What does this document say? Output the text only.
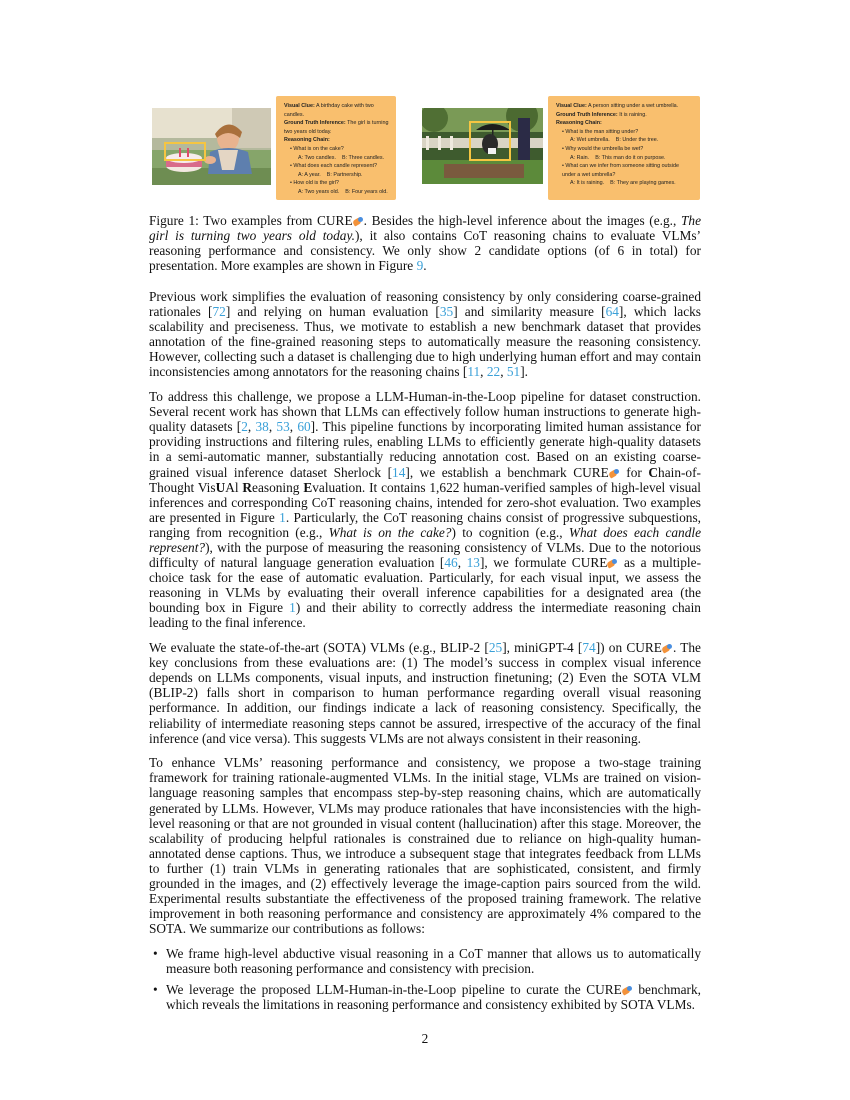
Visual Clue: A birthday cake with two candles.
Ground Truth Inference: The girl is turning two years old today.
Reasoning Chain:
• What is on the cake?
A: Two candles. B: Three candles.
• What does each candle represent?
A: A year. B: Partnership.
• How old is the girl?
A: Two years old. B: Four years old.
Visual Clue: A person sitting under a wet umbrella.
Ground Truth Inference: It is raining.
Reasoning Chain:
• What is the man sitting under?
A: Wet umbrella. B: Under the tree.
• Why would the umbrella be wet?
A: Rain. B: This man do it on purpose.
• What can we infer from someone sitting outside under a wet umbrella?
A: It is raining. B: They are playing games.

Figure 1: Two examples from CURE . Besides the high-level inference about the images (e.g., The girl is turning two years old today.), it also contains CoT reasoning chains to evaluate VLMs’ reasoning performance and consistency. We only show 2 candidate options (of 6 in total) for presentation. More examples are shown in Figure 9.

Previous work simplifies the evaluation of reasoning consistency by only considering coarse-grained rationales [72] and relying on human evaluation [35] and similarity measure [64], which lacks scalability and preciseness. Thus, we motivate to establish a new benchmark dataset that provides annotation of the fine-grained reasoning steps to automatically measure the reasoning consistency. However, collecting such a dataset is challenging due to high underlying human effort and may contain inconsistencies among annotators for the reasoning chains [11, 22, 51].

To address this challenge, we propose a LLM-Human-in-the-Loop pipeline for dataset construction. Several recent work has shown that LLMs can effectively follow human instructions to generate high-quality datasets [2, 38, 53, 60]. This pipeline functions by incorporating limited human assistance for providing instructions and filtering rules, enabling LLMs to efficiently generate high-quality datasets in a semi-automatic manner, substantially reducing annotation cost. Based on an existing coarse-grained visual inference dataset Sherlock [14], we establish a benchmark CURE for Chain-of-Thought VisUAl Reasoning Evaluation. It contains 1,622 human-verified samples of high-level visual inferences and corresponding CoT reasoning chains, intended for zero-shot evaluation. Two examples are presented in Figure 1. Particularly, the CoT reasoning chains consist of progressive subquestions, ranging from recognition (e.g., What is on the cake?) to cognition (e.g., What does each candle represent?), with the purpose of measuring the reasoning consistency of VLMs. Due to the notorious difficulty of natural language generation evaluation [46, 13], we formulate CURE as a multiple-choice task for the ease of automatic evaluation. Particularly, for each visual input, we assess the reasoning in VLMs by evaluating their overall inference capabilities for a designated area (the bounding box in Figure 1) and their ability to correctly address the intermediate reasoning chain leading to the final inference.

We evaluate the state-of-the-art (SOTA) VLMs (e.g., BLIP-2 [25], miniGPT-4 [74]) on CURE . The key conclusions from these evaluations are: (1) The model’s success in complex visual inference depends on LLMs components, visual inputs, and instruction finetuning; (2) Even the SOTA VLM (BLIP-2) falls short in comparison to human performance regarding overall visual reasoning performance. In addition, our findings indicate a lack of reasoning consistency. Specifically, the reliability of intermediate reasoning steps cannot be assured, irrespective of the accuracy of the final inference (and vice versa). This suggests VLMs are not always consistent in their reasoning.

To enhance VLMs’ reasoning performance and consistency, we propose a two-stage training framework for training rationale-augmented VLMs. In the initial stage, VLMs are trained on vision-language reasoning samples that encompass step-by-step reasoning chains, which are automatically generated by LLMs. However, VLMs may produce rationales that have inconsistencies with the high-level reasoning or that are not grounded in visual content (hallucination) after this stage. Moreover, the scalability of producing helpful rationales is constrained due to reliance on high-quality human-annotated dense captions. Thus, we introduce a subsequent stage that integrates feedback from LLMs to further (1) train VLMs in generating rationales that are sophisticated, consistent, and firmly grounded in the images, and (2) effectively leverage the image-caption pairs sourced from the wild. Experimental results substantiate the effectiveness of the proposed training framework. The relative improvement in both reasoning performance and consistency are approximately 4% compared to the SOTA. We summarize our contributions as follows:

• We frame high-level abductive visual reasoning in a CoT manner that allows us to automatically measure both reasoning performance and consistency with precision.
• We leverage the proposed LLM-Human-in-the-Loop pipeline to curate the CURE benchmark, which reveals the limitations in reasoning performance and consistency exhibited by SOTA VLMs.
2
